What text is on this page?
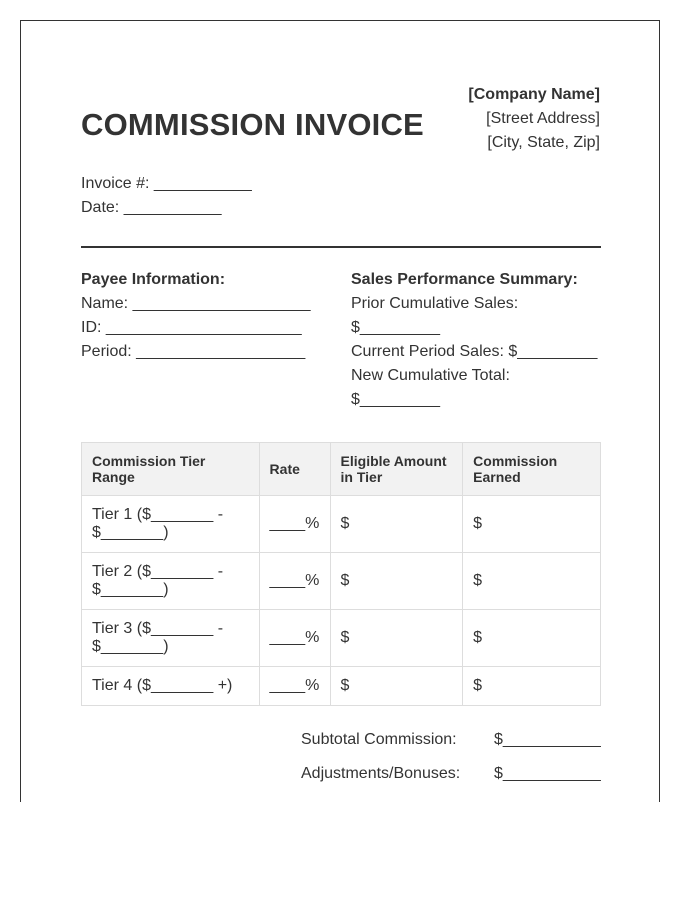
COMMISSION INVOICE
[Company Name]
[Street Address]
[City, State, Zip]
Invoice #: ___________
Date: ___________
Payee Information:
Name: ____________________
ID: ______________________
Period: ___________________
Sales Performance Summary:
Prior Cumulative Sales:
$_________
Current Period Sales: $_________
New Cumulative Total:
$_________
Commission Tier Range	Rate	Eligible Amount in Tier	Commission Earned
Tier 1 ($_______ - $_______)	____%	$	$
Tier 2 ($_______ - $_______)	____%	$	$
Tier 3 ($_______ - $_______)	____%	$	$
Tier 4 ($_______ +)	____%	$	$
Subtotal Commission: $___________
Adjustments/Bonuses: $___________
